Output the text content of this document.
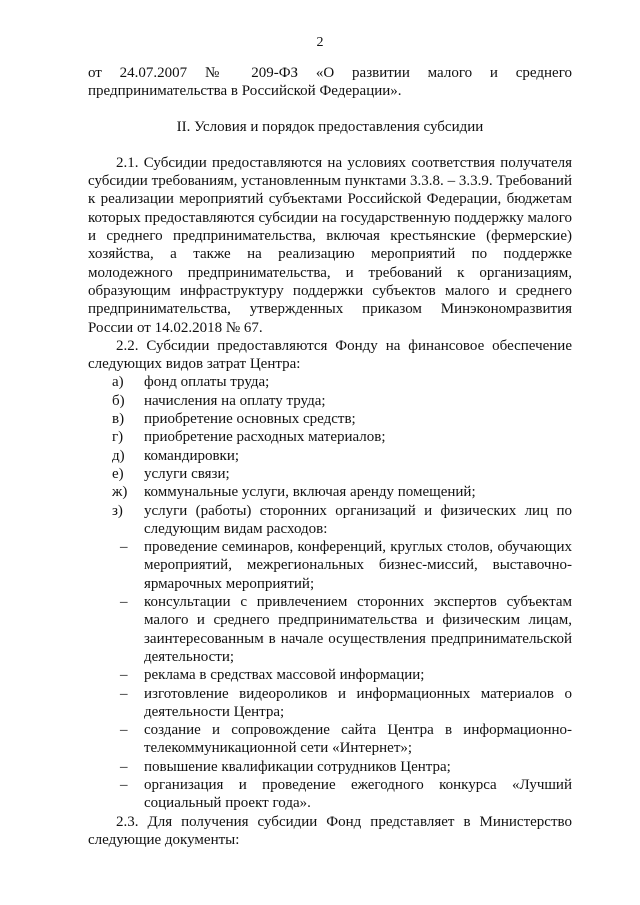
2

от 24.07.2007 № 209-ФЗ «О развитии малого и среднего

предпринимательства в Российской Федерации».

II. Условия и порядок предоставления субсидии

2.1. Субсидии предоставляются на условиях соответствия получателя субсидии требованиям, установленным пунктами 3.3.8. – 3.3.9. Требований к реализации мероприятий субъектами Российской Федерации, бюджетам которых предоставляются субсидии на государственную поддержку малого и среднего предпринимательства, включая крестьянские (фермерские) хозяйства, а также на реализацию мероприятий по поддержке молодежного предпринимательства, и требований к организациям, образующим инфраструктуру поддержки субъектов малого и среднего предпринимательства, утвержденных приказом Минэкономразвития России от 14.02.2018 № 67.

2.2. Субсидии предоставляются Фонду на финансовое обеспечение следующих видов затрат Центра:

а)	фонд оплаты труда;
б)	начисления на оплату труда;
в)	приобретение основных средств;
г)	приобретение расходных материалов;
д)	командировки;
е)	услуги связи;
ж)	коммунальные услуги, включая аренду помещений;
з)	услуги (работы) сторонних организаций и физических лиц по следующим видам расходов:
–	проведение семинаров, конференций, круглых столов, обучающих мероприятий, межрегиональных бизнес-миссий, выставочно-ярмарочных мероприятий;
–	консультации с привлечением сторонних экспертов субъектам малого и среднего предпринимательства и физическим лицам, заинтересованным в начале осуществления предпринимательской деятельности;
–	реклама в средствах массовой информации;
–	изготовление видеороликов и информационных материалов о деятельности Центра;
–	создание и сопровождение сайта Центра в информационно-телекоммуникационной сети «Интернет»;
–	повышение квалификации сотрудников Центра;
–	организация и проведение ежегодного конкурса «Лучший социальный проект года».

2.3. Для получения субсидии Фонд представляет в Министерство следующие документы:
